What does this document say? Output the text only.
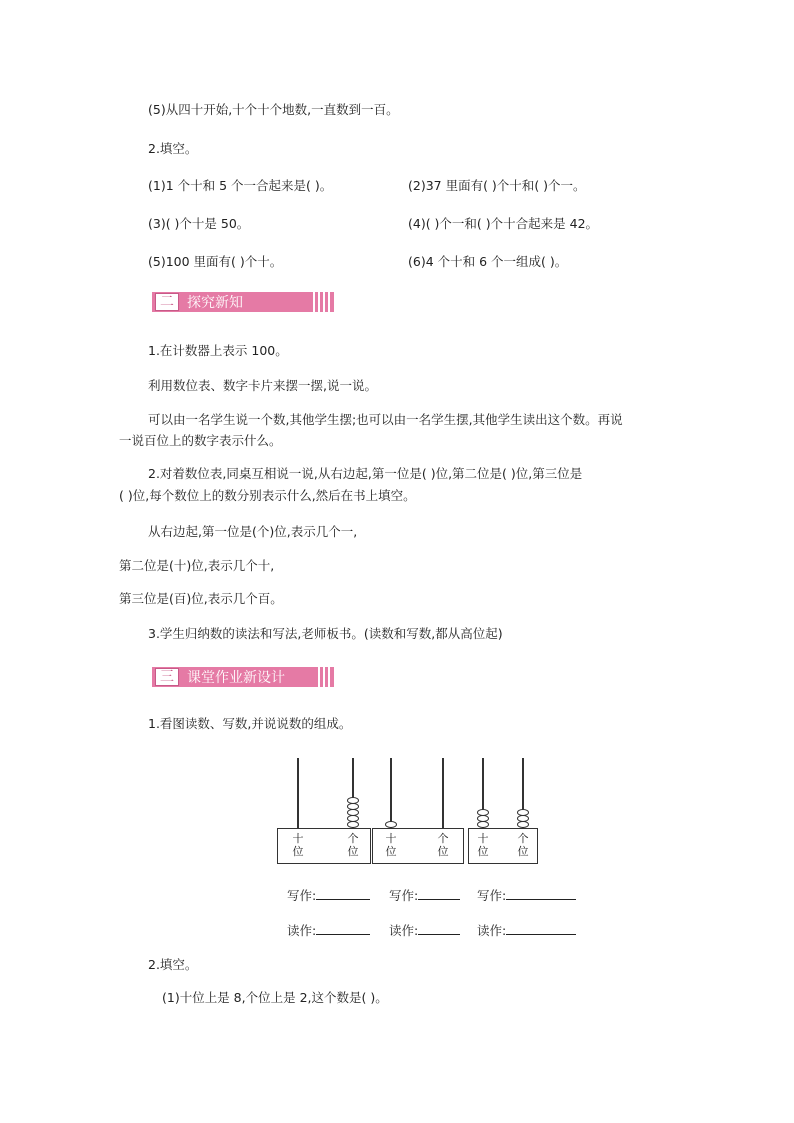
(5)从四十开始,十个十个地数,一直数到一百。
2.填空。
(1)1 个十和 5 个一合起来是( )。	(2)37 里面有( )个十和( )个一。
(3)( )个十是 50。	(4)( )个一和( )个十合起来是 42。
(5)100 里面有( )个十。	(6)4 个十和 6 个一组成( )。
二 探究新知
1.在计数器上表示 100。
利用数位表、数字卡片来摆一摆,说一说。
可以由一名学生说一个数,其他学生摆;也可以由一名学生摆,其他学生读出这个数。再说
一说百位上的数字表示什么。
2.对着数位表,同桌互相说一说,从右边起,第一位是( )位,第二位是( )位,第三位是
( )位,每个数位上的数分别表示什么,然后在书上填空。
从右边起,第一位是(个)位,表示几个一,
第二位是(十)位,表示几个十,
第三位是(百)位,表示几个百。
3.学生归纳数的读法和写法,老师板书。(读数和写数,都从高位起)
三 课堂作业新设计
1.看图读数、写数,并说说数的组成。
十
位
个
位
十
位
个
位
十
位
个
位
写作:	写作:	写作:
读作:	读作:	读作:
2.填空。
(1)十位上是 8,个位上是 2,这个数是( )。
